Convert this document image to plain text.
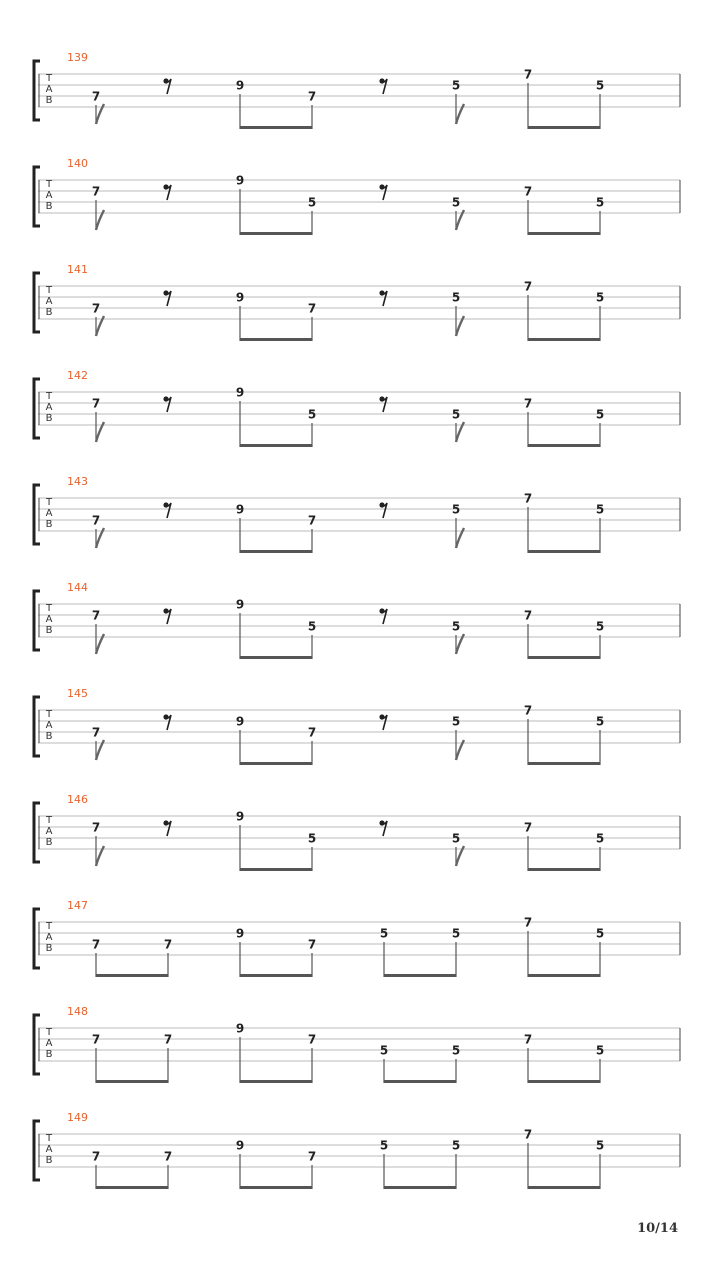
T
A
B
139
7
9
7
5
7
5
T
A
B
140
7
9
5	5
7
5
T
A
B
141
7
9
7
5
7
5
T
A
B
142
7
9
5	5
7
5
T
A
B
143
7
9
7
5
7
5
T
A
B
144
7
9
5	5
7
5
T
A
B
145
7
9
7
5
7
5
T
A
B
146
7
9
5	5
7
5
T
A
B
147
7	7
9
7
5	5
7
5
T
A
B
148
7	7
9
7
5	5
7
5
T
A
B
149
7	7
9
7
5	5
7
5
10/14
